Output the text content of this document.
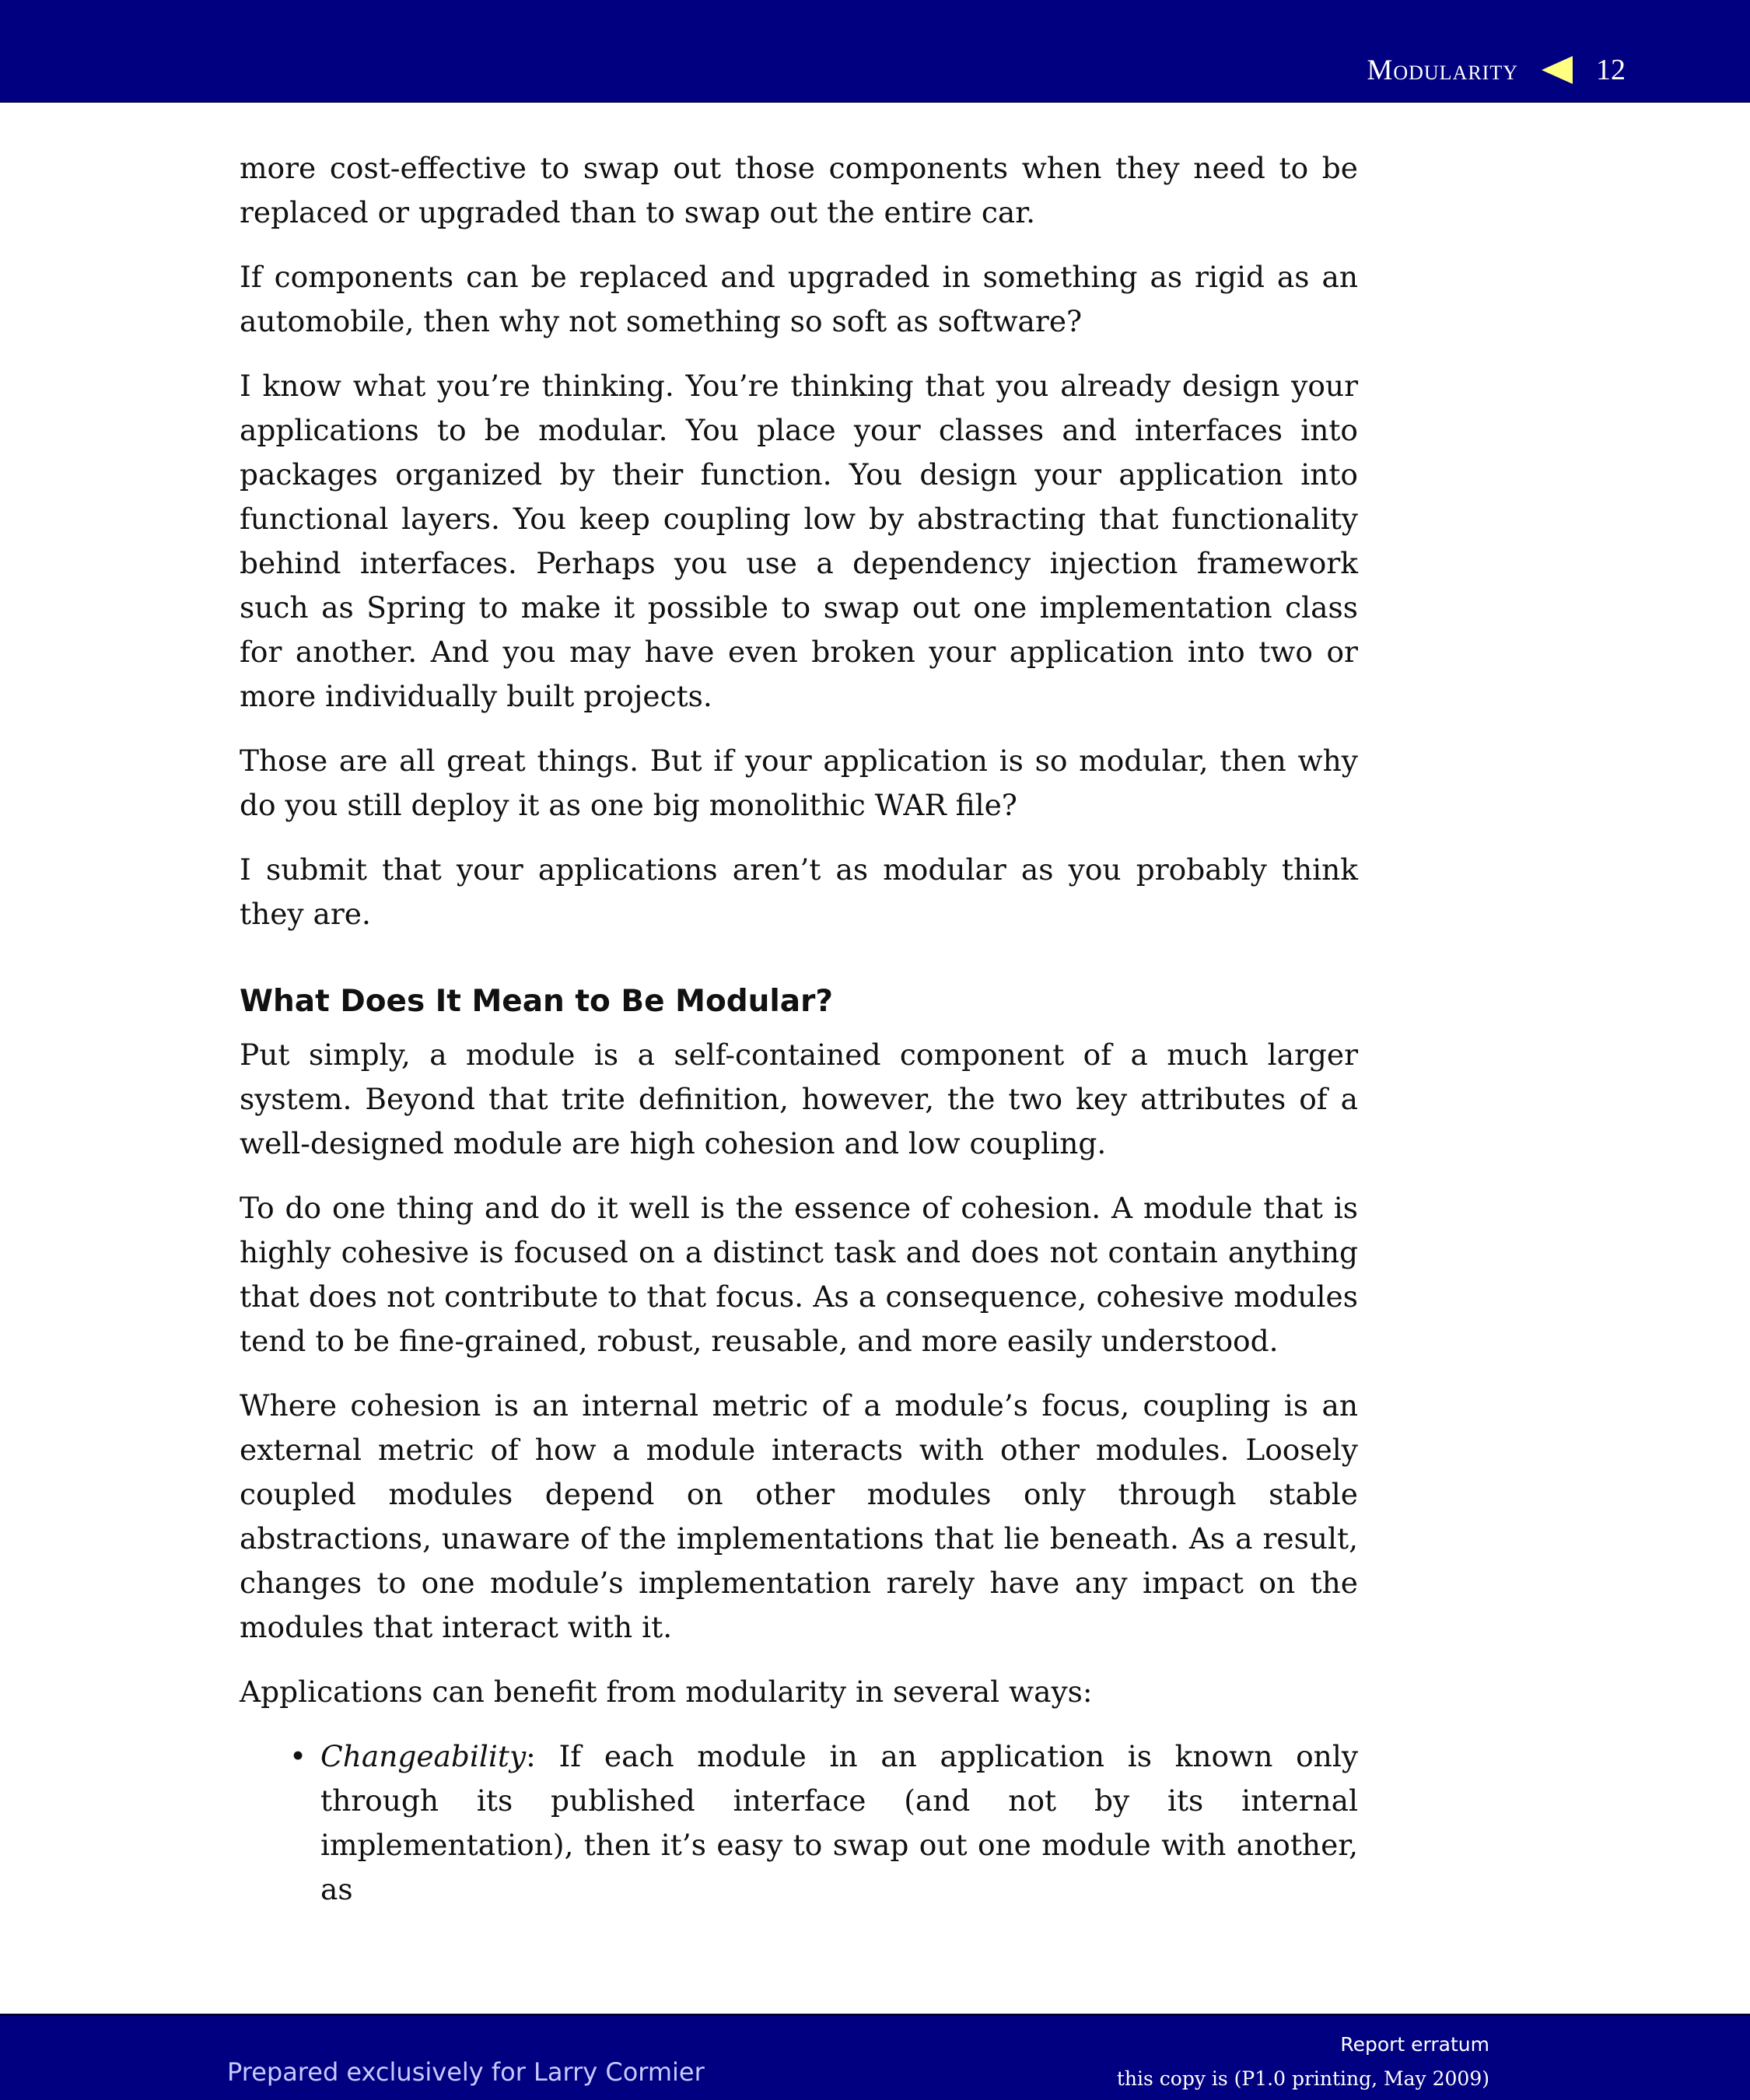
Modularity	12

more cost-effective to swap out those components when they need to be replaced or upgraded than to swap out the entire car.

If components can be replaced and upgraded in something as rigid as an automobile, then why not something so soft as software?

I know what you’re thinking. You’re thinking that you already design your applications to be modular. You place your classes and interfaces into packages organized by their function. You design your application into functional layers. You keep coupling low by abstracting that functionality behind interfaces. Perhaps you use a dependency injection framework such as Spring to make it possible to swap out one implementation class for another. And you may have even broken your application into two or more individually built projects.

Those are all great things. But if your application is so modular, then why do you still deploy it as one big monolithic WAR file?

I submit that your applications aren’t as modular as you probably think they are.

What Does It Mean to Be Modular?

Put simply, a module is a self-contained component of a much larger system. Beyond that trite definition, however, the two key attributes of a well-designed module are high cohesion and low coupling.

To do one thing and do it well is the essence of cohesion. A module that is highly cohesive is focused on a distinct task and does not contain anything that does not contribute to that focus. As a consequence, cohesive modules tend to be fine-grained, robust, reusable, and more easily understood.

Where cohesion is an internal metric of a module’s focus, coupling is an external metric of how a module interacts with other modules. Loosely coupled modules depend on other modules only through stable abstractions, unaware of the implementations that lie beneath. As a result, changes to one module’s implementation rarely have any impact on the modules that interact with it.

Applications can benefit from modularity in several ways:

• Changeability: If each module in an application is known only through its published interface (and not by its internal implementation), then it’s easy to swap out one module with another, as
Prepared exclusively for Larry Cormier
Report erratum
this copy is (P1.0 printing, May 2009)
